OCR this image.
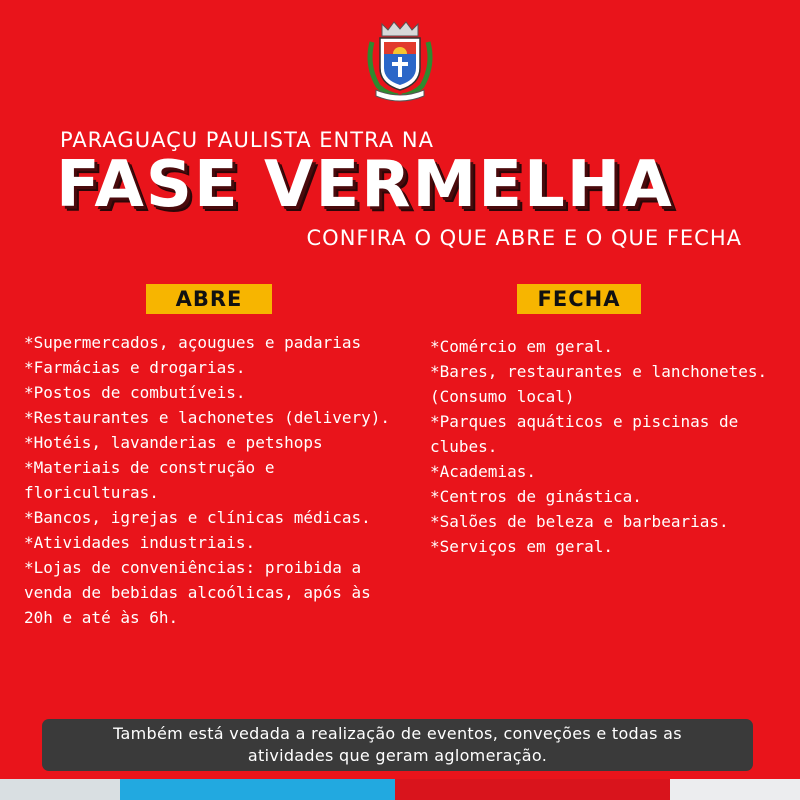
PARAGUAÇU PAULISTA ENTRA NA
FASE VERMELHA
CONFIRA O QUE ABRE E O QUE FECHA
ABRE	FECHA
*Supermercados, açougues e padarias
*Farmácias e drogarias.
*Postos de combutíveis.
*Restaurantes e lachonetes (delivery).
*Hotéis, lavanderias e petshops
*Materiais de construção e floriculturas.
*Bancos, igrejas e clínicas médicas.
*Atividades industriais.
*Lojas de conveniências: proibida a venda de bebidas alcoólicas, após às 20h e até às 6h.
*Comércio em geral.
*Bares, restaurantes e lanchonetes. (Consumo local)
*Parques aquáticos e piscinas de clubes.
*Academias.
*Centros de ginástica.
*Salões de beleza e barbearias.
*Serviços em geral.
Também está vedada a realização de eventos, conveções e todas as atividades que geram aglomeração.
